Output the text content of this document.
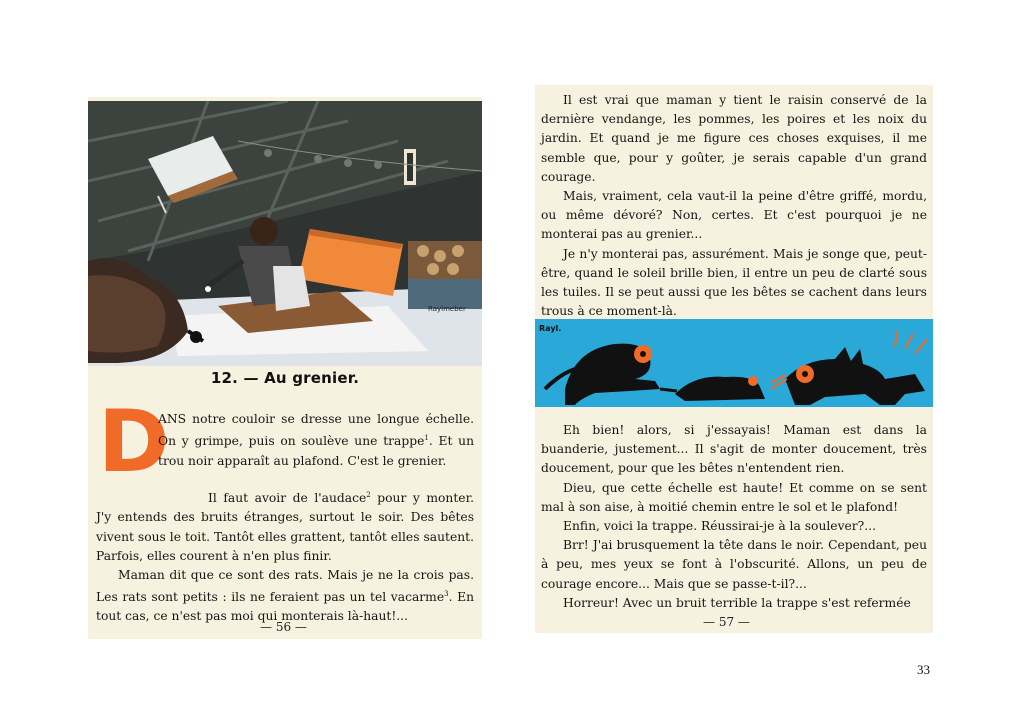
Raylmeber
12. — Au grenier.
D

ANS notre couloir se dresse une longue échelle. On y grimpe, puis on soulève une trappe$^1$. Et un trou noir apparaît au plafond. C'est le grenier.

Il faut avoir de l'audace$^2$ pour y monter. J'y entends des bruits étranges, surtout le soir. Des bêtes vivent sous le toit. Tantôt elles grattent, tantôt elles sautent. Parfois, elles courent à n'en plus finir.

Maman dit que ce sont des rats. Mais je ne la crois pas. Les rats sont petits : ils ne feraient pas un tel vacarme$^3$. En tout cas, ce n'est pas moi qui monterais là-haut!...

— 56 —

Il est vrai que maman y tient le raisin conservé de la dernière vendange, les pommes, les poires et les noix du jardin. Et quand je me figure ces choses exquises, il me semble que, pour y goûter, je serais capable d'un grand courage.

Mais, vraiment, cela vaut-il la peine d'être griffé, mordu, ou même dévoré? Non, certes. Et c'est pourquoi je ne monterai pas au grenier...

Je n'y monterai pas, assurément. Mais je songe que, peut-être, quand le soleil brille bien, il entre un peu de clarté sous les tuiles. Il se peut aussi que les bêtes se cachent dans leurs trous à ce moment-là.

Rayl.

Eh bien! alors, si j'essayais! Maman est dans la buanderie, justement... Il s'agit de monter doucement, très doucement, pour que les bêtes n'entendent rien.

Dieu, que cette échelle est haute! Et comme on se sent mal à son aise, à moitié chemin entre le sol et le plafond!

Enfin, voici la trappe. Réussirai-je à la soulever?...

Brr! J'ai brusquement la tête dans le noir. Cependant, peu à peu, mes yeux se font à l'obscurité. Allons, un peu de courage encore... Mais que se passe-t-il?...

Horreur! Avec un bruit terrible la trappe s'est refermée

— 57 —
33
